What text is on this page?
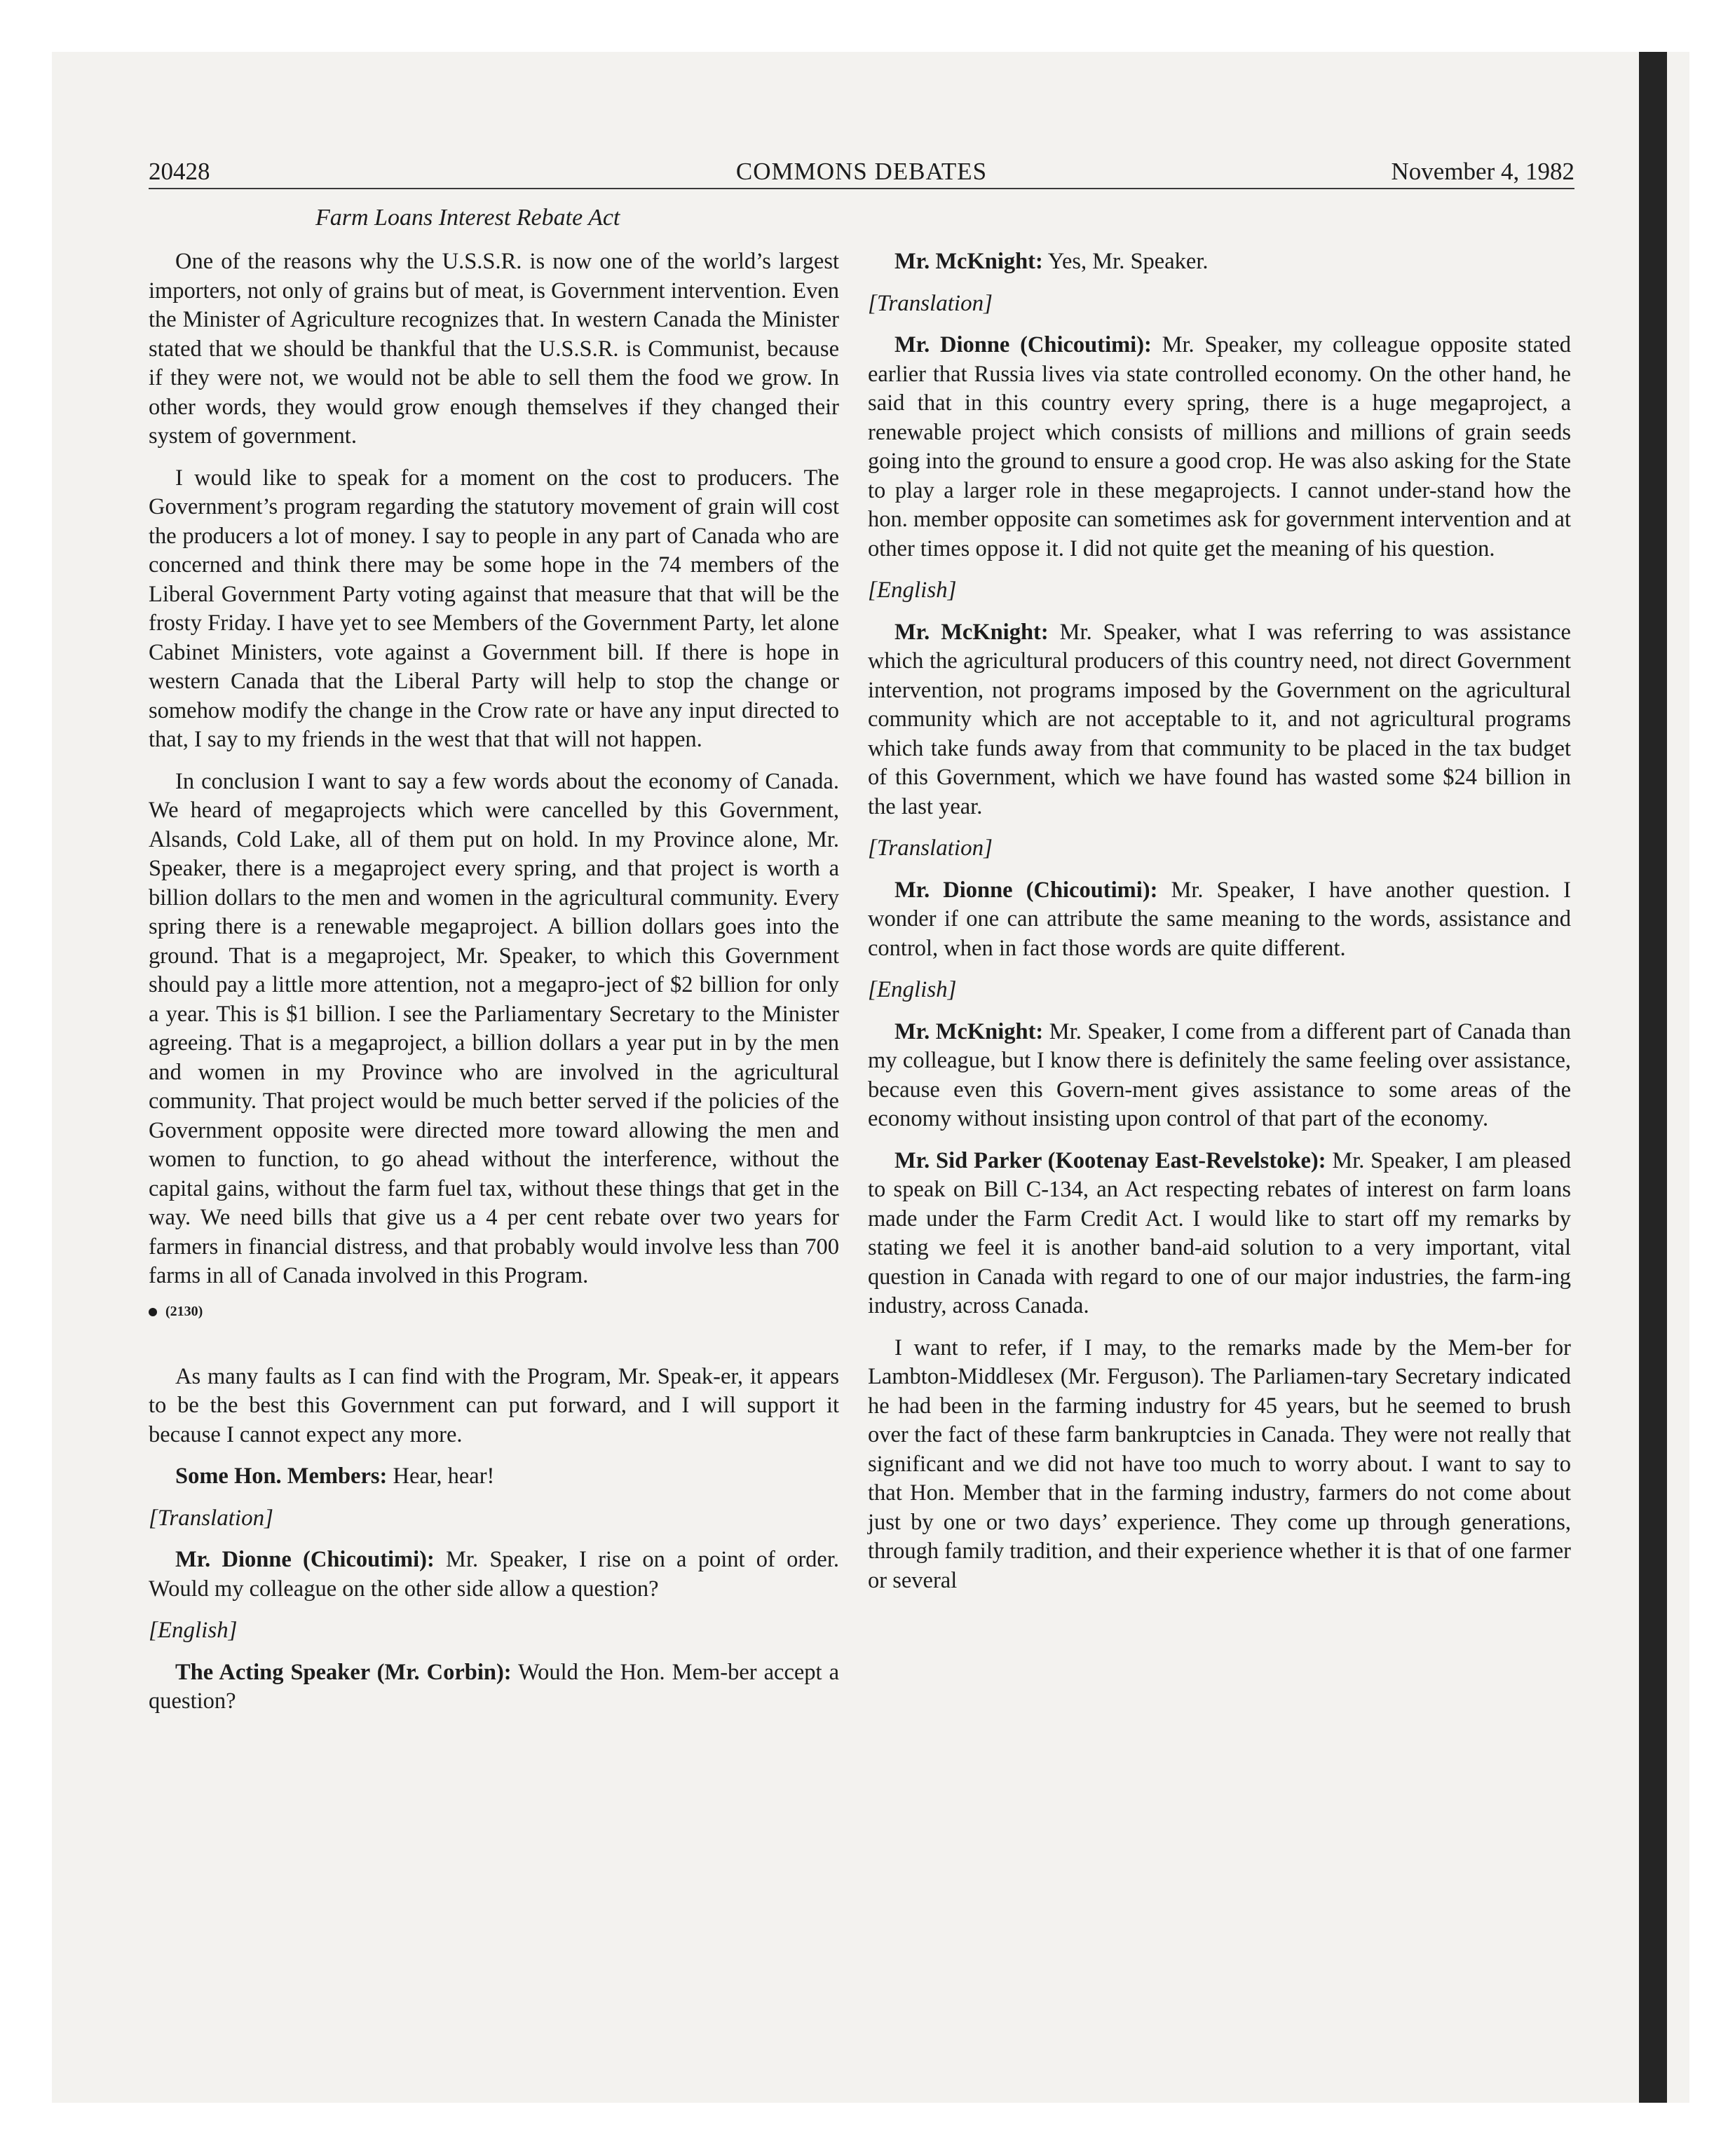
20428	COMMONS DEBATES	November 4, 1982
Farm Loans Interest Rebate Act

One of the reasons why the U.S.S.R. is now one of the world’s largest importers, not only of grains but of meat, is Government intervention. Even the Minister of Agriculture recognizes that. In western Canada the Minister stated that we should be thankful that the U.S.S.R. is Communist, because if they were not, we would not be able to sell them the food we grow. In other words, they would grow enough themselves if they changed their system of government.

I would like to speak for a moment on the cost to producers. The Government’s program regarding the statutory movement of grain will cost the producers a lot of money. I say to people in any part of Canada who are concerned and think there may be some hope in the 74 members of the Liberal Government Party voting against that measure that that will be the frosty Friday. I have yet to see Members of the Government Party, let alone Cabinet Ministers, vote against a Government bill. If there is hope in western Canada that the Liberal Party will help to stop the change or somehow modify the change in the Crow rate or have any input directed to that, I say to my friends in the west that that will not happen.

In conclusion I want to say a few words about the economy of Canada. We heard of megaprojects which were cancelled by this Government, Alsands, Cold Lake, all of them put on hold. In my Province alone, Mr. Speaker, there is a megaproject every spring, and that project is worth a billion dollars to the men and women in the agricultural community. Every spring there is a renewable megaproject. A billion dollars goes into the ground. That is a megaproject, Mr. Speaker, to which this Government should pay a little more attention, not a megapro-ject of $2 billion for only a year. This is $1 billion. I see the Parliamentary Secretary to the Minister agreeing. That is a megaproject, a billion dollars a year put in by the men and women in my Province who are involved in the agricultural community. That project would be much better served if the policies of the Government opposite were directed more toward allowing the men and women to function, to go ahead without the interference, without the capital gains, without the farm fuel tax, without these things that get in the way. We need bills that give us a 4 per cent rebate over two years for farmers in financial distress, and that probably would involve less than 700 farms in all of Canada involved in this Program.

(2130)

As many faults as I can find with the Program, Mr. Speak-er, it appears to be the best this Government can put forward, and I will support it because I cannot expect any more.

Some Hon. Members: Hear, hear!

[Translation]

Mr. Dionne (Chicoutimi): Mr. Speaker, I rise on a point of order. Would my colleague on the other side allow a question?

[English]

The Acting Speaker (Mr. Corbin): Would the Hon. Mem-ber accept a question?

Mr. McKnight: Yes, Mr. Speaker.

[Translation]

Mr. Dionne (Chicoutimi): Mr. Speaker, my colleague opposite stated earlier that Russia lives via state controlled economy. On the other hand, he said that in this country every spring, there is a huge megaproject, a renewable project which consists of millions and millions of grain seeds going into the ground to ensure a good crop. He was also asking for the State to play a larger role in these megaprojects. I cannot under-stand how the hon. member opposite can sometimes ask for government intervention and at other times oppose it. I did not quite get the meaning of his question.

[English]

Mr. McKnight: Mr. Speaker, what I was referring to was assistance which the agricultural producers of this country need, not direct Government intervention, not programs imposed by the Government on the agricultural community which are not acceptable to it, and not agricultural programs which take funds away from that community to be placed in the tax budget of this Government, which we have found has wasted some $24 billion in the last year.

[Translation]

Mr. Dionne (Chicoutimi): Mr. Speaker, I have another question. I wonder if one can attribute the same meaning to the words, assistance and control, when in fact those words are quite different.

[English]

Mr. McKnight: Mr. Speaker, I come from a different part of Canada than my colleague, but I know there is definitely the same feeling over assistance, because even this Govern-ment gives assistance to some areas of the economy without insisting upon control of that part of the economy.

Mr. Sid Parker (Kootenay East-Revelstoke): Mr. Speaker, I am pleased to speak on Bill C-134, an Act respecting rebates of interest on farm loans made under the Farm Credit Act. I would like to start off my remarks by stating we feel it is another band-aid solution to a very important, vital question in Canada with regard to one of our major industries, the farm-ing industry, across Canada.

I want to refer, if I may, to the remarks made by the Mem-ber for Lambton-Middlesex (Mr. Ferguson). The Parliamen-tary Secretary indicated he had been in the farming industry for 45 years, but he seemed to brush over the fact of these farm bankruptcies in Canada. They were not really that significant and we did not have too much to worry about. I want to say to that Hon. Member that in the farming industry, farmers do not come about just by one or two days’ experience. They come up through generations, through family tradition, and their experience whether it is that of one farmer or several
